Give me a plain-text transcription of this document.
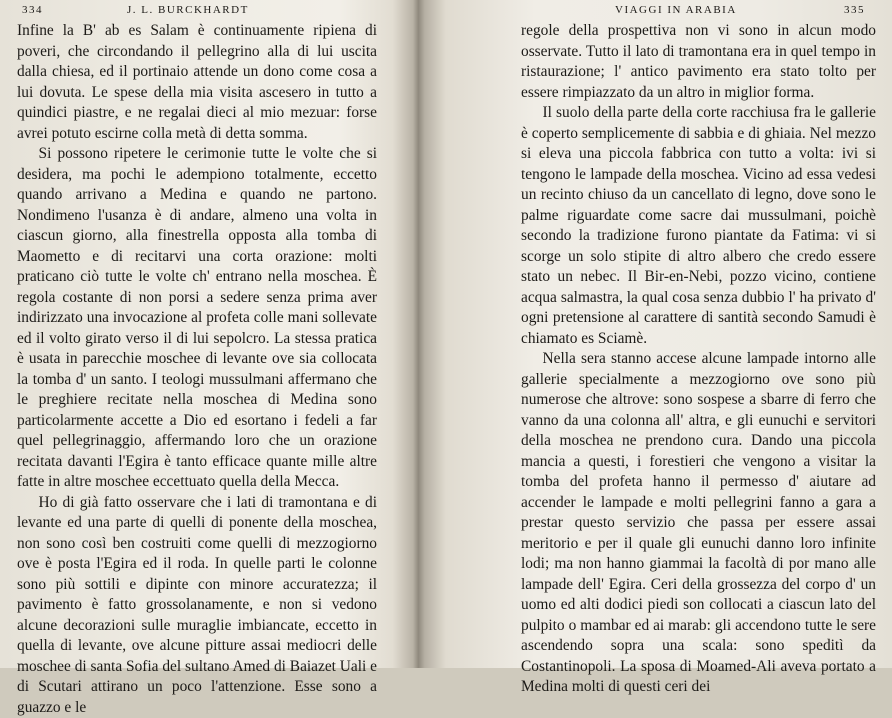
334	J. L. BURCKHARDT

Infine la B' ab es Salam è continuamente ripiena di poveri, che circondando il pellegrino alla di lui uscita dalla chiesa, ed il portinaio attende un dono come cosa a lui dovuta. Le spese della mia visita ascesero in tutto a quindici piastre, e ne regalai dieci al mio mezuar: forse avrei potuto escirne colla metà di detta somma.

Si possono ripetere le cerimonie tutte le volte che si desidera, ma pochi le adempiono totalmente, eccetto quando arrivano a Medina e quando ne partono. Nondimeno l'usanza è di andare, almeno una volta in ciascun giorno, alla finestrella opposta alla tomba di Maometto e di recitarvi una corta orazione: molti praticano ciò tutte le volte ch' entrano nella moschea. È regola costante di non porsi a sedere senza prima aver indirizzato una invocazione al profeta colle mani sollevate ed il volto girato verso il di lui sepolcro. La stessa pratica è usata in parecchie moschee di levante ove sia collocata la tomba d' un santo. I teologi mussulmani affermano che le preghiere recitate nella moschea di Medina sono particolarmente accette a Dio ed esortano i fedeli a far quel pellegrinaggio, affermando loro che un orazione recitata davanti l'Egira è tanto efficace quante mille altre fatte in altre moschee eccettuato quella della Mecca.

Ho di già fatto osservare che i lati di tramontana e di levante ed una parte di quelli di ponente della moschea, non sono così ben costruiti come quelli di mezzogiorno ove è posta l'Egira ed il roda. In quelle parti le colonne sono più sottili e dipinte con minore accuratezza; il pavimento è fatto grossolanamente, e non si vedono alcune decorazioni sulle muraglie imbiancate, eccetto in quella di levante, ove alcune pitture assai mediocri delle moschee di santa Sofia del sultano Amed di Baiazet Uali e di Scutari attirano un poco l'attenzione. Esse sono a guazzo e le

VIAGGI IN ARABIA	335

regole della prospettiva non vi sono in alcun modo osservate. Tutto il lato di tramontana era in quel tempo in ristaurazione; l' antico pavimento era stato tolto per essere rimpiazzato da un altro in miglior forma.

Il suolo della parte della corte racchiusa fra le gallerie è coperto semplicemente di sabbia e di ghiaia. Nel mezzo si eleva una piccola fabbrica con tutto a volta: ivi si tengono le lampade della moschea. Vicino ad essa vedesi un recinto chiuso da un cancellato di legno, dove sono le palme riguardate come sacre dai mussulmani, poichè secondo la tradizione furono piantate da Fatima: vi si scorge un solo stipite di altro albero che credo essere stato un nebec. Il Bir-en-Nebi, pozzo vicino, contiene acqua salmastra, la qual cosa senza dubbio l' ha privato d' ogni pretensione al carattere di santità secondo Samudi è chiamato es Sciamè.

Nella sera stanno accese alcune lampade intorno alle gallerie specialmente a mezzogiorno ove sono più numerose che altrove: sono sospese a sbarre di ferro che vanno da una colonna all' altra, e gli eunuchi e servitori della moschea ne prendono cura. Dando una piccola mancia a questi, i forestieri che vengono a visitar la tomba del profeta hanno il permesso d' aiutare ad accender le lampade e molti pellegrini fanno a gara a prestar questo servizio che passa per essere assai meritorio e per il quale gli eunuchi danno loro infinite lodi; ma non hanno giammai la facoltà di por mano alle lampade dell' Egira. Ceri della grossezza del corpo d' un uomo ed alti dodici piedi son collocati a ciascun lato del pulpito o mambar ed ai marab: gli accendono tutte le sere ascendendo sopra una scala: sono speditì da Costantinopoli. La sposa di Moamed-Ali aveva portato a Medina molti di questi ceri dei
